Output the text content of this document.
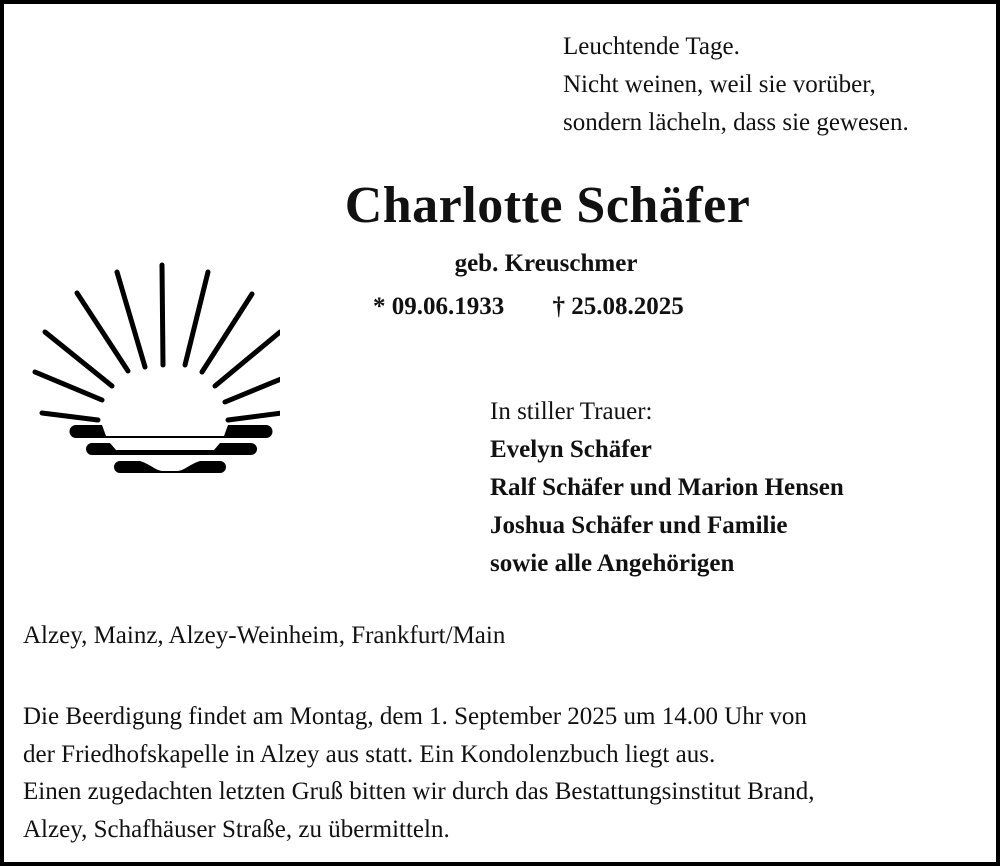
Leuchtende Tage.
Nicht weinen, weil sie vorüber,
sondern lächeln, dass sie gewesen.
Charlotte Schäfer
geb. Kreuschmer
* 09.06.1933 † 25.08.2025
In stiller Trauer:
Evelyn Schäfer
Ralf Schäfer und Marion Hensen
Joshua Schäfer und Familie
sowie alle Angehörigen
Alzey, Mainz, Alzey-Weinheim, Frankfurt/Main
Die Beerdigung findet am Montag, dem 1. September 2025 um 14.00 Uhr von
der Friedhofskapelle in Alzey aus statt. Ein Kondolenzbuch liegt aus.
Einen zugedachten letzten Gruß bitten wir durch das Bestattungsinstitut Brand,
Alzey, Schafhäuser Straße, zu übermitteln.
